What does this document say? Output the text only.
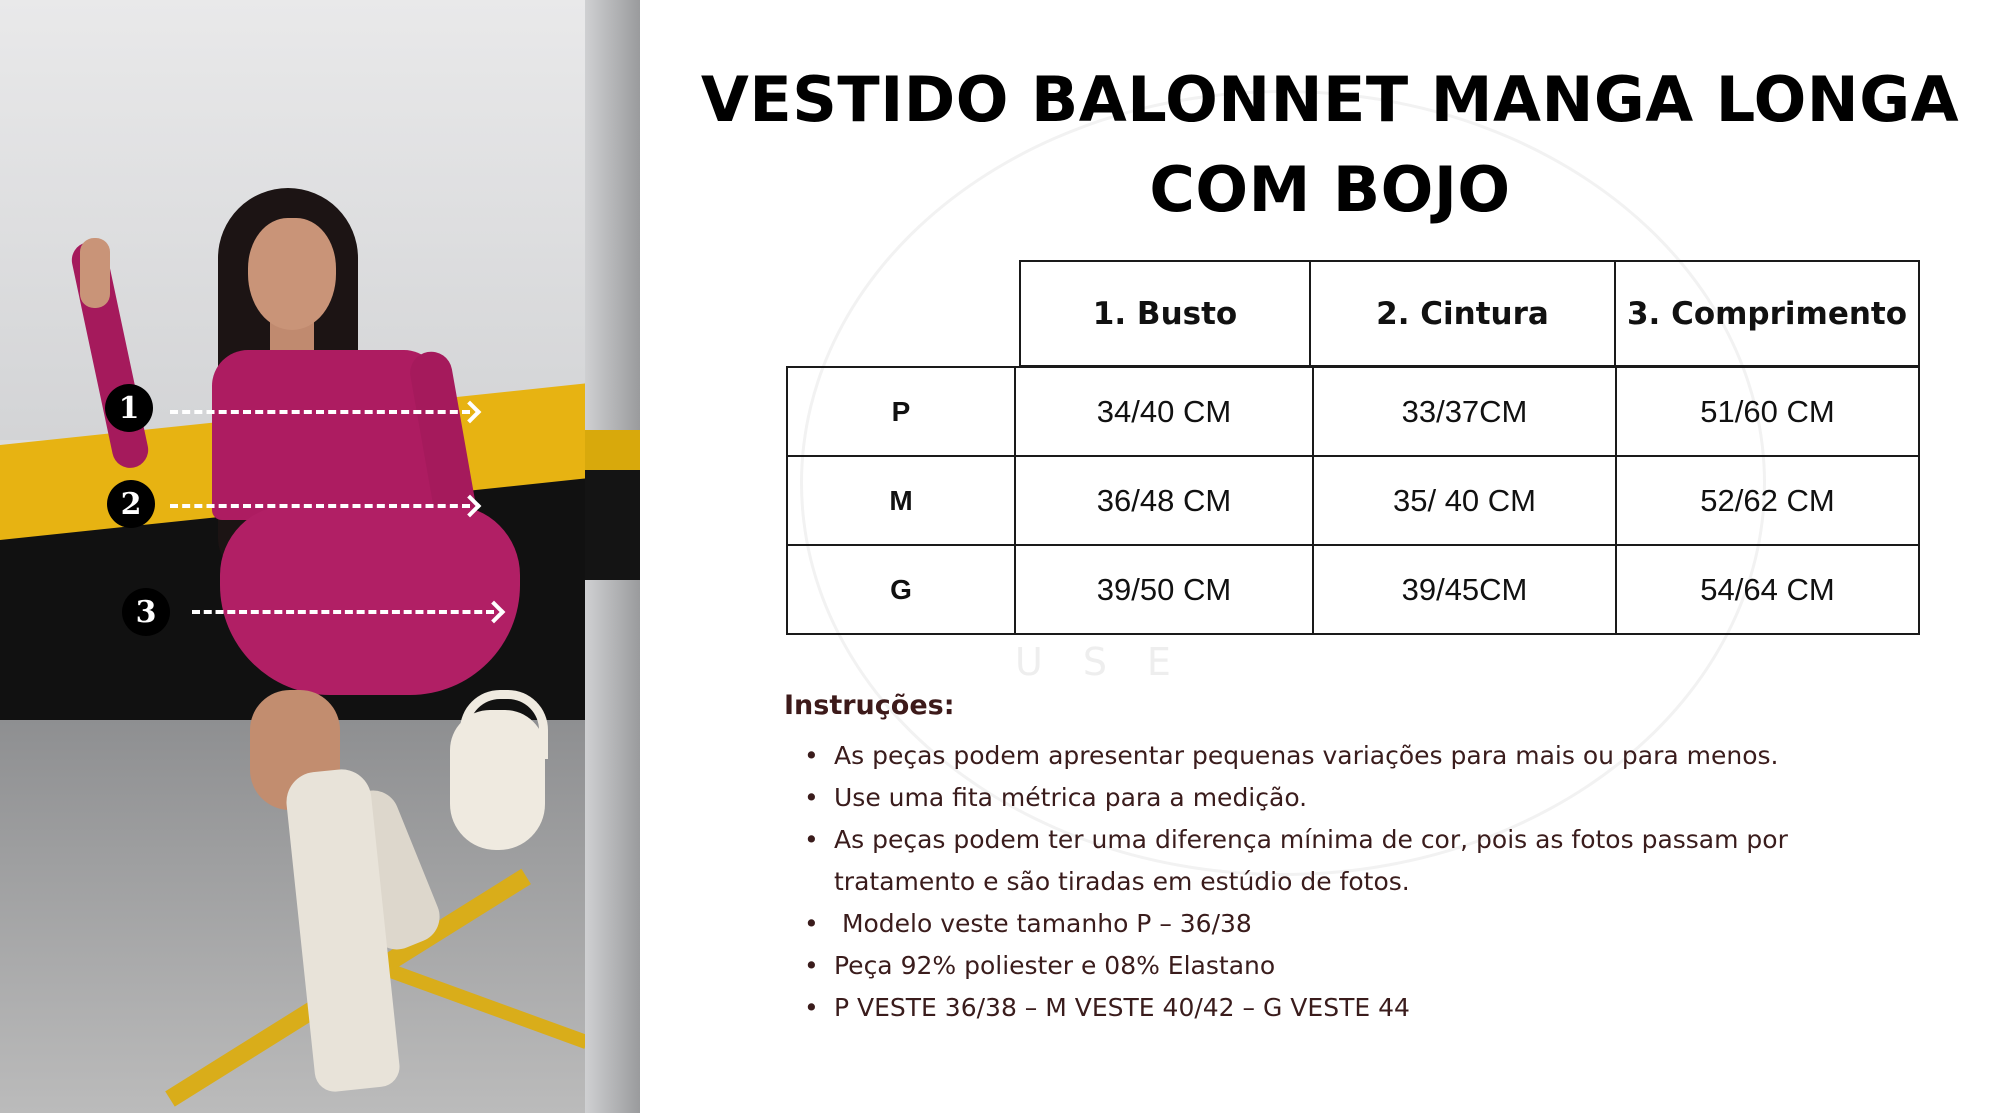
1
2
3
USE
VESTIDO BALONNET MANGA LONGA
COM BOJO
1. Busto	2. Cintura	3. Comprimento
P	34/40 CM	33/37CM	51/60 CM
M	36/48 CM	35/ 40 CM	52/62 CM
G	39/50 CM	39/45CM	54/64 CM
Instruções:
• As peças podem apresentar pequenas variações para mais ou para menos.
• Use uma fita métrica para a medição.
• As peças podem ter uma diferença mínima de cor, pois as fotos passam por tratamento e são tiradas em estúdio de fotos.
• Modelo veste tamanho P – 36/38
• Peça 92% poliester e 08% Elastano
• P VESTE 36/38 – M VESTE 40/42 – G VESTE 44
